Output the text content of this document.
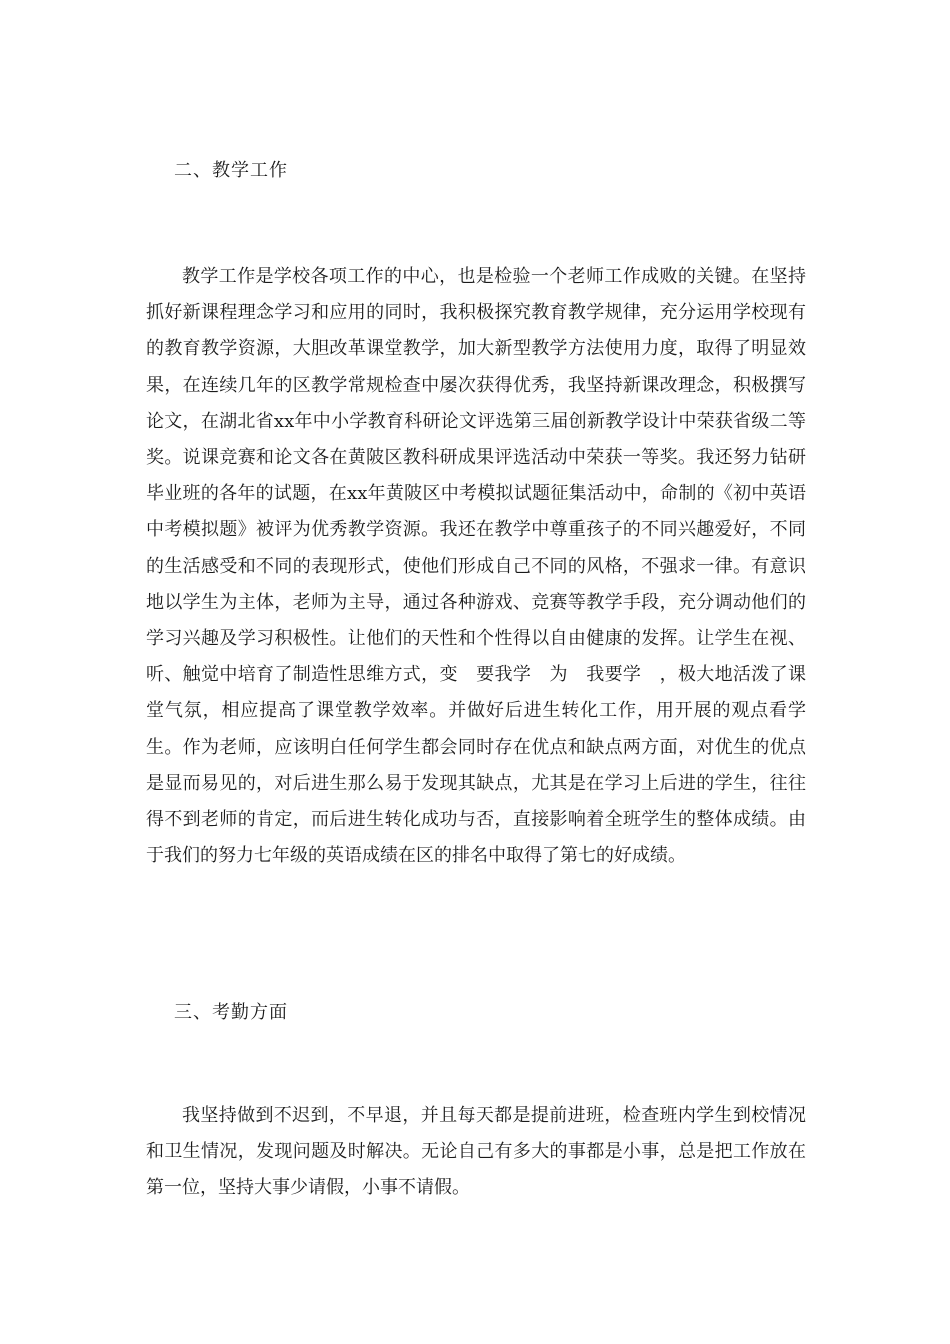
二、教学工作

教学工作是学校各项工作的中心，也是检验一个老师工作成败的关键。在坚持抓好新课程理念学习和应用的同时，我积极探究教育教学规律，充分运用学校现有的教育教学资源，大胆改革课堂教学，加大新型教学方法使用力度，取得了明显效果，在连续几年的区教学常规检查中屡次获得优秀，我坚持新课改理念，积极撰写论文，在湖北省xx年中小学教育科研论文评选第三届创新教学设计中荣获省级二等奖。说课竞赛和论文各在黄陂区教科研成果评选活动中荣获一等奖。我还努力钻研毕业班的各年的试题，在xx年黄陂区中考模拟试题征集活动中，命制的《初中英语中考模拟题》被评为优秀教学资源。我还在教学中尊重孩子的不同兴趣爱好，不同的生活感受和不同的表现形式，使他们形成自己不同的风格，不强求一律。有意识地以学生为主体，老师为主导，通过各种游戏、竞赛等教学手段，充分调动他们的学习兴趣及学习积极性。让他们的天性和个性得以自由健康的发挥。让学生在视、听、触觉中培育了制造性思维方式，变　要我学　为　我要学　，极大地活泼了课堂气氛，相应提高了课堂教学效率。并做好后进生转化工作，用开展的观点看学生。作为老师，应该明白任何学生都会同时存在优点和缺点两方面，对优生的优点是显而易见的，对后进生那么易于发现其缺点，尤其是在学习上后进的学生，往往得不到老师的肯定，而后进生转化成功与否，直接影响着全班学生的整体成绩。由于我们的努力七年级的英语成绩在区的排名中取得了第七的好成绩。

三、考勤方面

我坚持做到不迟到，不早退，并且每天都是提前进班，检查班内学生到校情况和卫生情况，发现问题及时解决。无论自己有多大的事都是小事，总是把工作放在第一位，坚持大事少请假，小事不请假。
